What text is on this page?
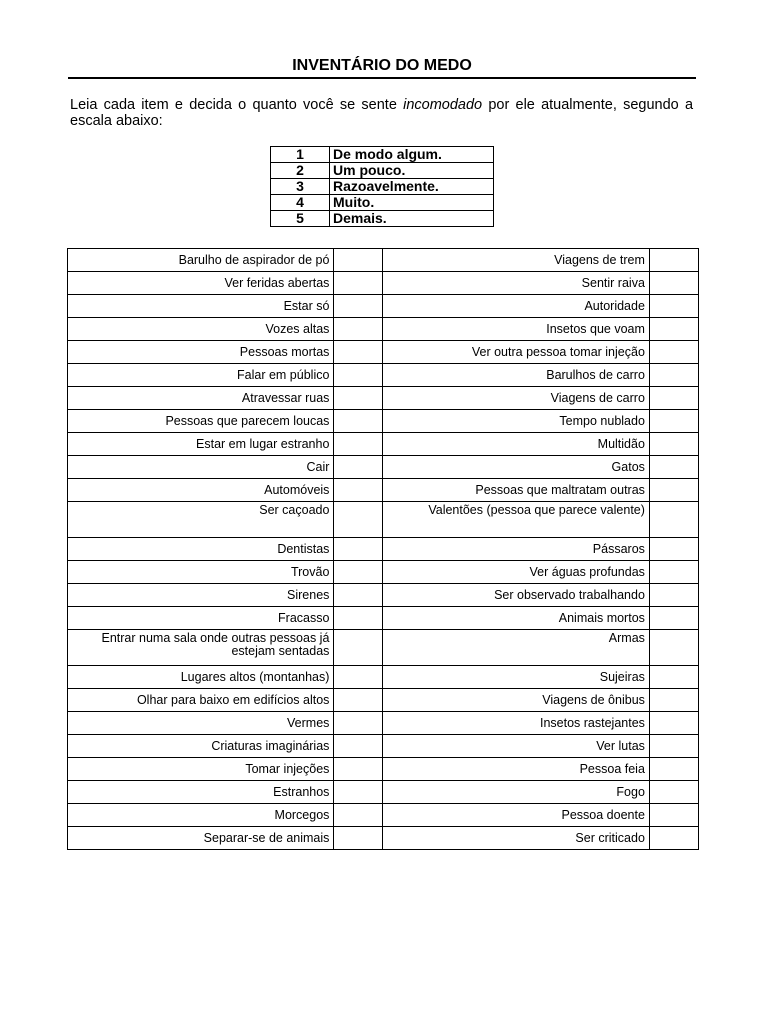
INVENTÁRIO DO MEDO
Leia cada item e decida o quanto você se sente incomodado por ele atualmente, segundo a escala abaixo:
1	De modo algum.
2	Um pouco.
3	Razoavelmente.
4	Muito.
5	Demais.
Barulho de aspirador de pó		Viagens de trem	
Ver feridas abertas		Sentir raiva	
Estar só		Autoridade	
Vozes altas		Insetos que voam	
Pessoas mortas		Ver outra pessoa tomar injeção	
Falar em público		Barulhos de carro	
Atravessar ruas		Viagens de carro	
Pessoas que parecem loucas		Tempo nublado	
Estar em lugar estranho		Multidão	
Cair		Gatos	
Automóveis		Pessoas que maltratam outras	
Ser caçoado		Valentões (pessoa que parece valente)	
Dentistas		Pássaros	
Trovão		Ver águas profundas	
Sirenes		Ser observado trabalhando	
Fracasso		Animais mortos	
Entrar numa sala onde outras pessoas já estejam sentadas		Armas	
Lugares altos (montanhas)		Sujeiras	
Olhar para baixo em edifícios altos		Viagens de ônibus	
Vermes		Insetos rastejantes	
Criaturas imaginárias		Ver lutas	
Tomar injeções		Pessoa feia	
Estranhos		Fogo	
Morcegos		Pessoa doente	
Separar-se de animais		Ser criticado	
